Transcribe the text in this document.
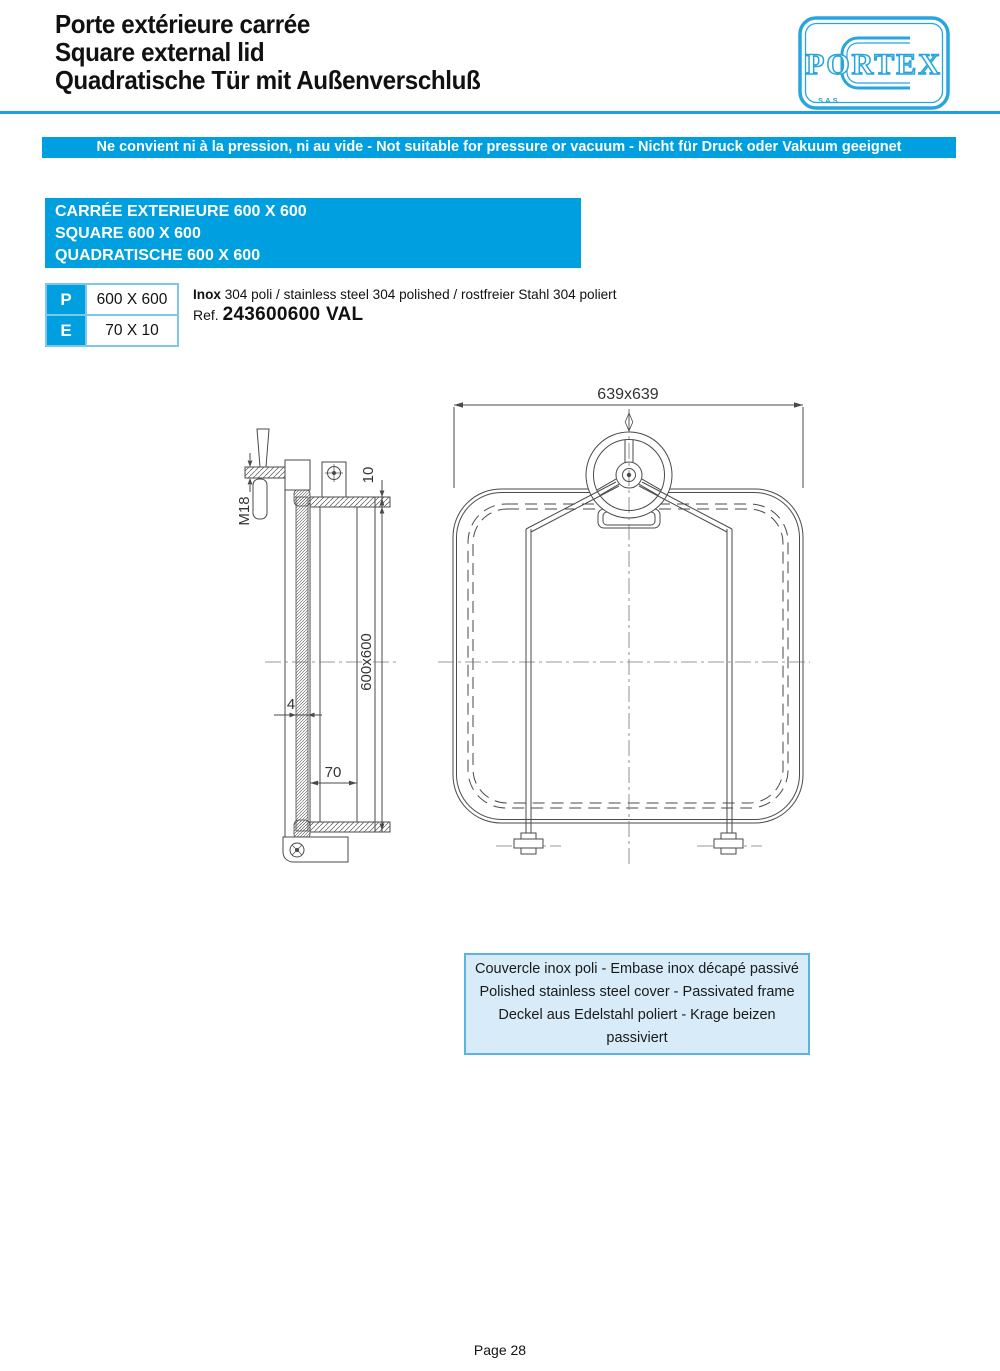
Porte extérieure carrée
Square external lid
Quadratische Tür mit Außenverschluß	PORTEX
S.A.S.
Ne convient ni à la pression, ni au vide - Not suitable for pressure or vacuum - Nicht für Druck oder Vakuum geeignet
CARRÉE EXTERIEURE 600 X 600
SQUARE 600 X 600
QUADRATISCHE 600 X 600
P	600 X 600
E	70 X 10
Inox 304 poli / stainless steel 304 polished / rostfreier Stahl 304 poliert
Ref. 243600600 VAL
639x639
M18
10
600x600
4
70
Couvercle inox poli - Embase inox décapé passivé
Polished stainless steel cover - Passivated frame
Deckel aus Edelstahl poliert - Krage beizen passiviert
Page 28
